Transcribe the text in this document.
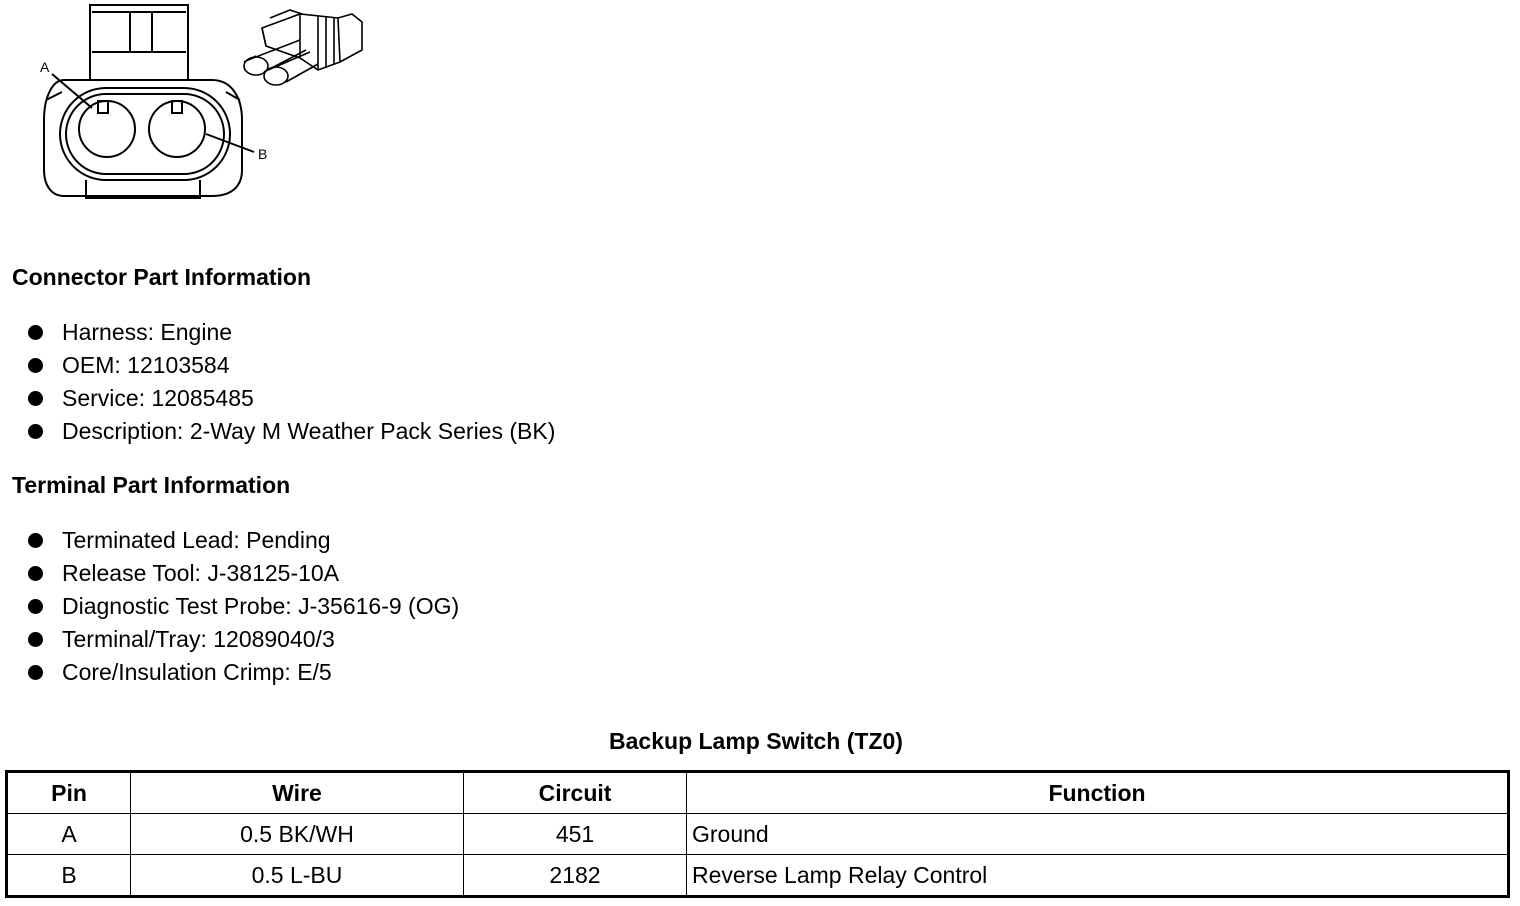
A
B
Connector Part Information
Harness: Engine
OEM: 12103584
Service: 12085485
Description: 2-Way M Weather Pack Series (BK)
Terminal Part Information
Terminated Lead: Pending
Release Tool: J-38125-10A
Diagnostic Test Probe: J-35616-9 (OG)
Terminal/Tray: 12089040/3
Core/Insulation Crimp: E/5
Backup Lamp Switch (TZ0)
Pin	Wire	Circuit	Function
A	0.5 BK/WH	451	Ground
B	0.5 L-BU	2182	Reverse Lamp Relay Control
